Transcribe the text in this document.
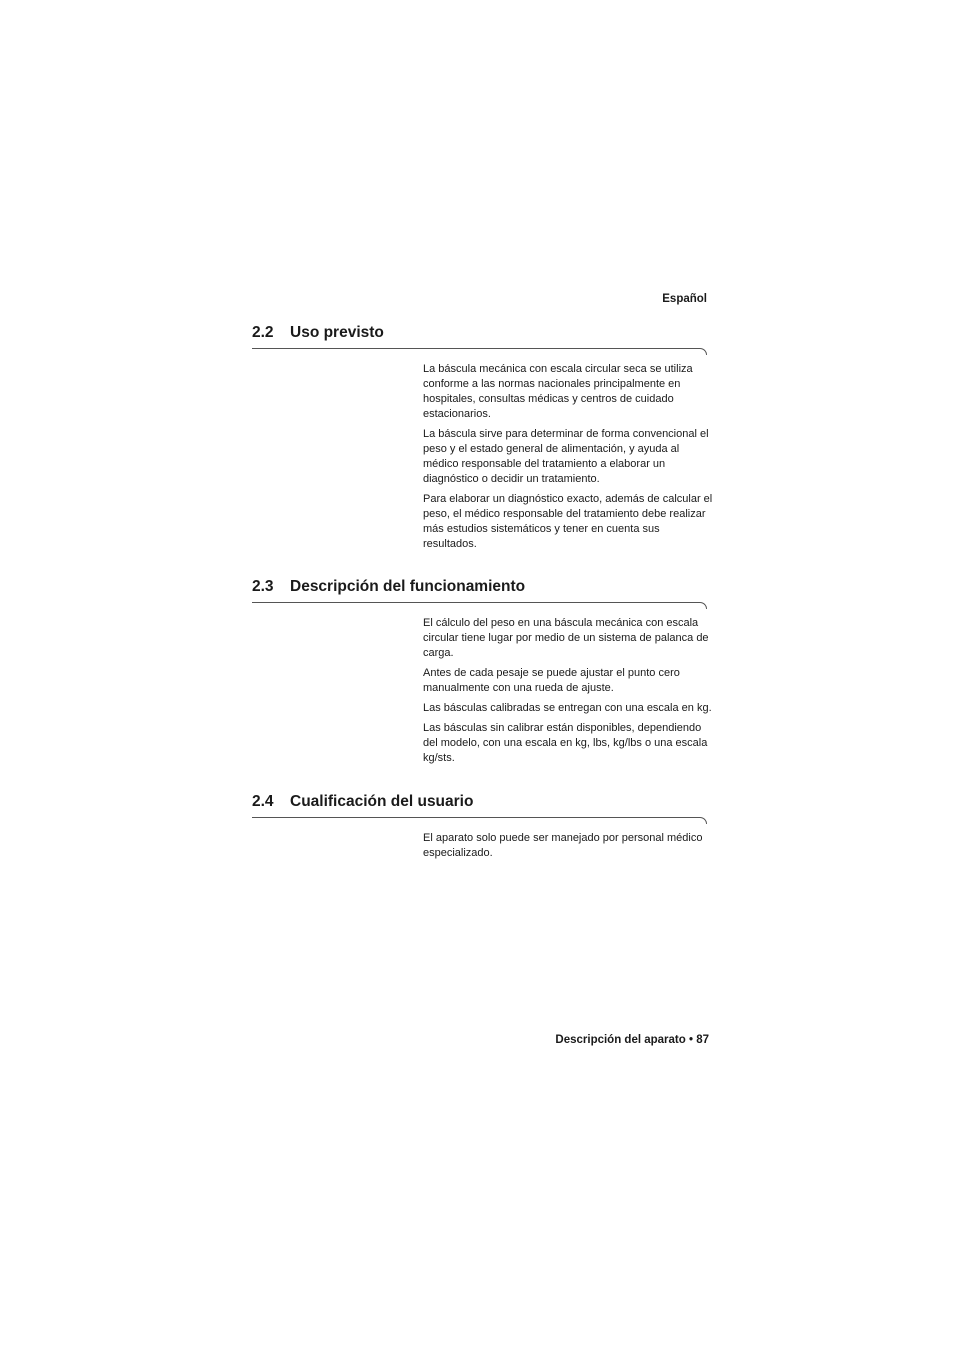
Español

2.2	Uso previsto

La báscula mecánica con escala circular seca se utiliza conforme a las normas nacionales principalmente en hospitales, consultas médicas y centros de cuidado estacionarios.

La báscula sirve para determinar de forma convencional el peso y el estado general de alimentación, y ayuda al médico responsable del tratamiento a elaborar un diagnóstico o decidir un tratamiento.

Para elaborar un diagnóstico exacto, además de calcular el peso, el médico responsable del tratamiento debe realizar más estudios sistemáticos y tener en cuenta sus resultados.

2.3	Descripción del funcionamiento

El cálculo del peso en una báscula mecánica con escala circular tiene lugar por medio de un sistema de palanca de carga.

Antes de cada pesaje se puede ajustar el punto cero manualmente con una rueda de ajuste.

Las básculas calibradas se entregan con una escala en kg.

Las básculas sin calibrar están disponibles, dependiendo del modelo, con una escala en kg, lbs, kg/lbs o una escala kg/sts.

2.4	Cualificación del usuario

El aparato solo puede ser manejado por personal médico especializado.

Descripción del aparato • 87
